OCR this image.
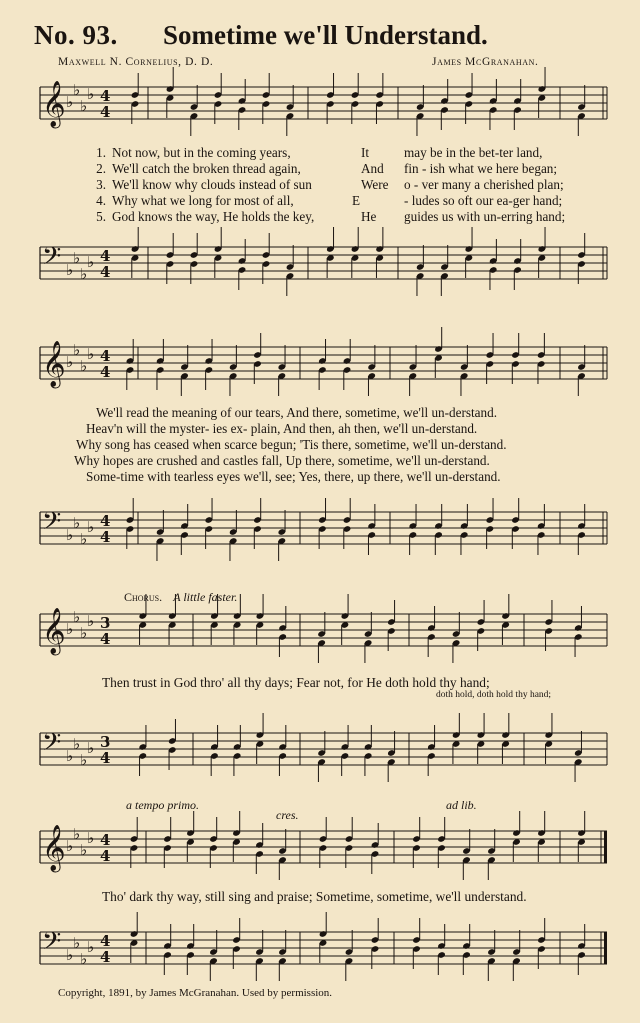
No. 93. Sometime we'll Understand.
Maxwell N. Cornelius, D. D.	James McGranahan.
𝄞 ♭
♭
♭
♭ 4
4
𝄢 ♭
♭
♭
♭ 4
4
1. Not now, but in the coming years,
2. We'll catch the broken thread again,
3. We'll know why clouds instead of sun
4. Why what we long for most of all,
5. God knows the way, He holds the key,
It
And
Were
E
He
may be in the bet-ter land,
fin - ish what we here began;
o - ver many a cherished plan;
- ludes so oft our ea-ger hand;
guides us with un-erring hand;
𝄞 ♭
♭
♭
♭ 4
4
𝄢 ♭
♭
♭
♭ 4
4
We'll read the meaning of our tears, And there, sometime, we'll un-derstand.
Heav'n will the myster- ies ex- plain, And then, ah then, we'll un-derstand.
Why song has ceased when scarce begun; 'Tis there, sometime, we'll un-derstand.
Why hopes are crushed and castles fall, Up there, sometime, we'll un-derstand.
Some-time with tearless eyes we'll, see; Yes, there, up there, we'll un-derstand.
Chorus. A little faster.
𝄞 ♭
♭
♭
♭ 3
4
Then trust in God thro' all thy days; Fear not, for He doth hold thy hand;
doth hold, doth hold thy hand;
𝄢 ♭
♭
♭
♭ 3
4
a tempo primo.
cres.
ad lib.
𝄞 ♭
♭
♭
♭ 4
4
Tho' dark thy way, still sing and praise; Sometime, sometime, we'll understand.
𝄢 ♭
♭
♭
♭ 4
4
Copyright, 1891, by James McGranahan. Used by permission.
